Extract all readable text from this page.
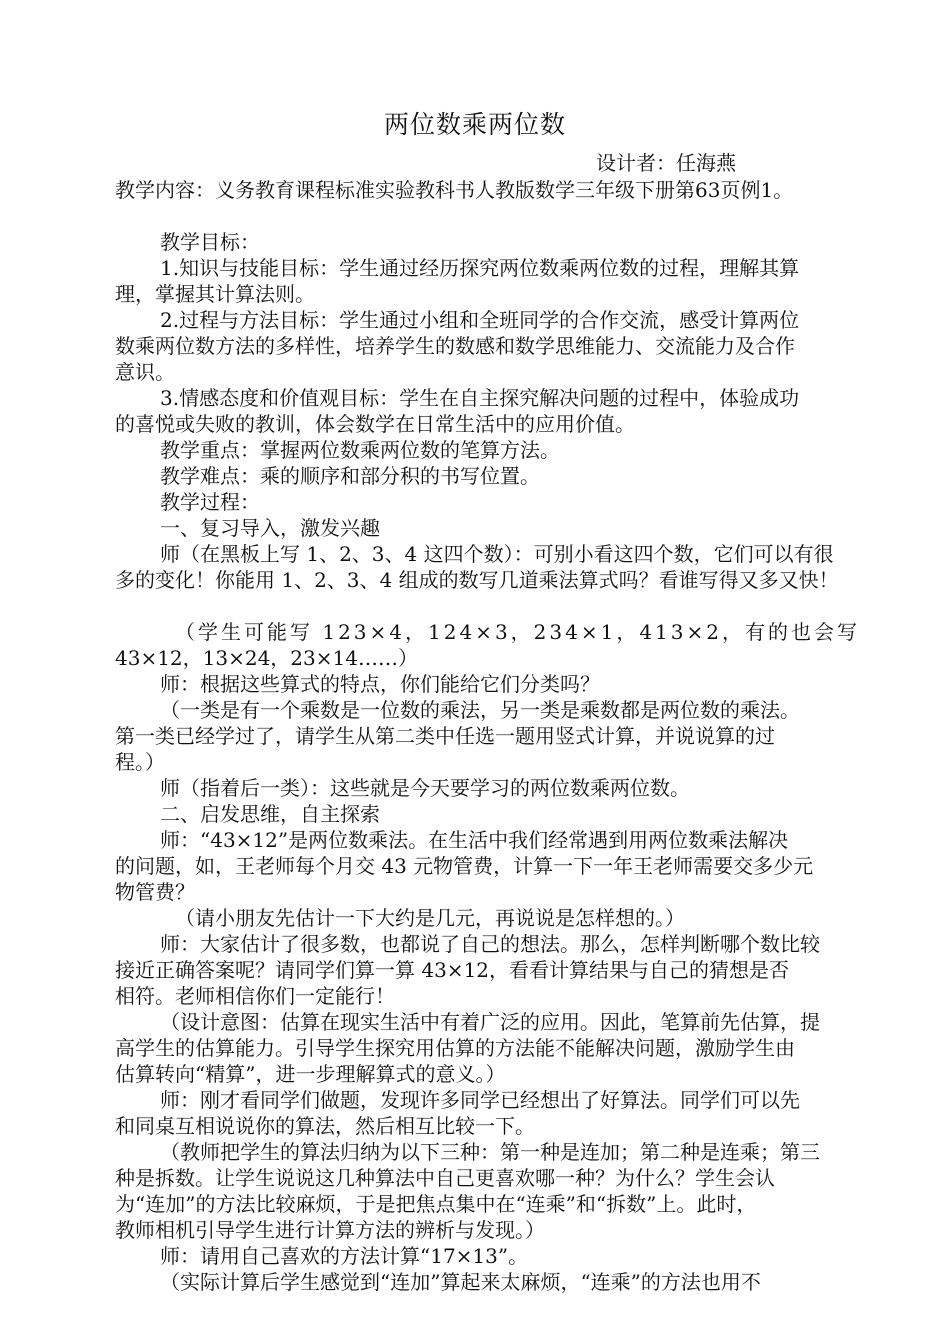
两位数乘两位数
设计者：任海燕
教学内容：义务教育课程标准实验教科书人教版数学三年级下册第63页例1。
教学目标：
1.知识与技能目标：学生通过经历探究两位数乘两位数的过程，理解其算
理，掌握其计算法则。
2.过程与方法目标：学生通过小组和全班同学的合作交流，感受计算两位
数乘两位数方法的多样性，培养学生的数感和数学思维能力、交流能力及合作
意识。
3.情感态度和价值观目标：学生在自主探究解决问题的过程中，体验成功
的喜悦或失败的教训，体会数学在日常生活中的应用价值。
教学重点：掌握两位数乘两位数的笔算方法。
教学难点：乘的顺序和部分积的书写位置。
教学过程：
一、复习导入，激发兴趣
师（在黑板上写 1、2、3、4 这四个数）：可别小看这四个数，它们可以有很
多的变化！你能用 1、2、3、4 组成的数写几道乘法算式吗？看谁写得又多又快！
（学生可能写 123×4，124×3，234×1，413×2，有的也会写
43×12，13×24，23×14……）
师：根据这些算式的特点，你们能给它们分类吗？
（一类是有一个乘数是一位数的乘法，另一类是乘数都是两位数的乘法。
第一类已经学过了，请学生从第二类中任选一题用竖式计算，并说说算的过
程。）
师（指着后一类）：这些就是今天要学习的两位数乘两位数。
二、启发思维，自主探索
师：“43×12”是两位数乘法。在生活中我们经常遇到用两位数乘法解决
的问题，如，王老师每个月交 43 元物管费，计算一下一年王老师需要交多少元
物管费？
（请小朋友先估计一下大约是几元，再说说是怎样想的。）
师：大家估计了很多数，也都说了自己的想法。那么，怎样判断哪个数比较
接近正确答案呢？请同学们算一算 43×12，看看计算结果与自己的猜想是否
相符。老师相信你们一定能行！
（设计意图：估算在现实生活中有着广泛的应用。因此，笔算前先估算，提
高学生的估算能力。引导学生探究用估算的方法能不能解决问题，激励学生由
估算转向“精算”，进一步理解算式的意义。）
师：刚才看同学们做题，发现许多同学已经想出了好算法。同学们可以先
和同桌互相说说你的算法，然后相互比较一下。
（教师把学生的算法归纳为以下三种：第一种是连加；第二种是连乘；第三
种是拆数。让学生说说这几种算法中自己更喜欢哪一种？为什么？学生会认
为“连加”的方法比较麻烦，于是把焦点集中在“连乘”和“拆数”上。此时，
教师相机引导学生进行计算方法的辨析与发现。）
师：请用自己喜欢的方法计算“17×13”。
（实际计算后学生感觉到“连加”算起来太麻烦，“连乘”的方法也用不
